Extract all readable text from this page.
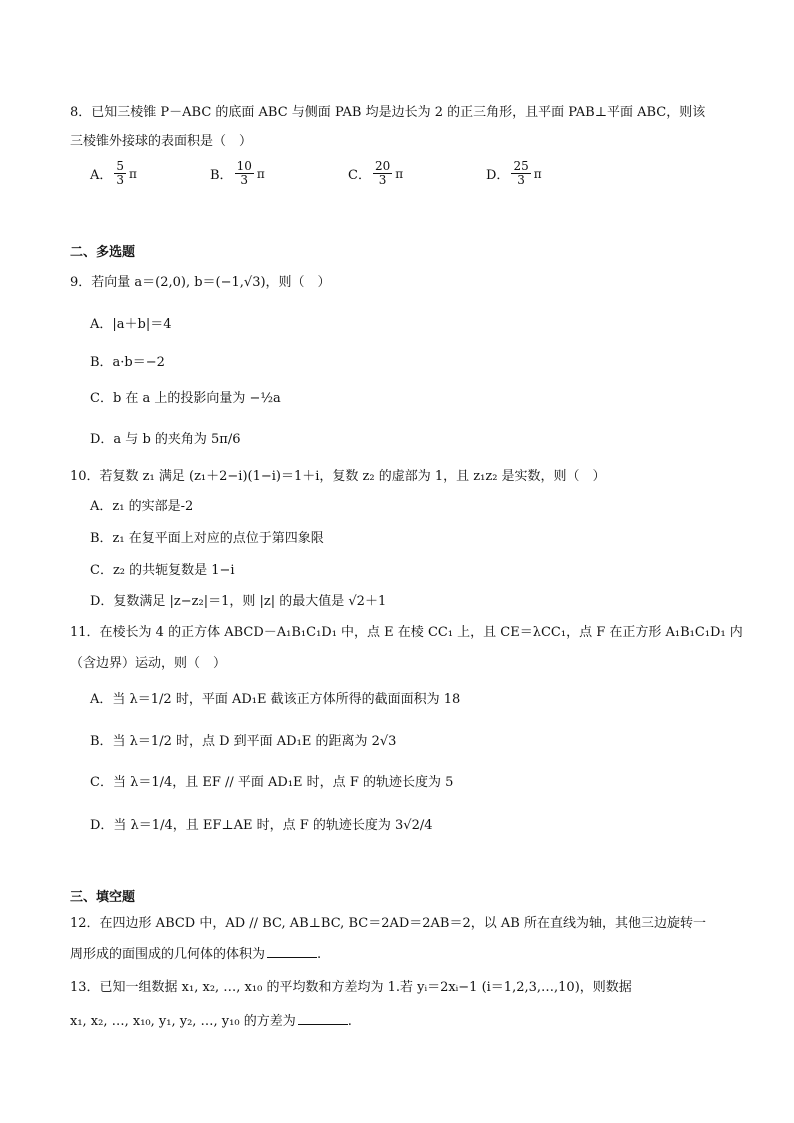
8．已知三棱锥 P－ABC 的底面 ABC 与侧面 PAB 均是边长为 2 的正三角形，且平面 PAB⊥平面 ABC，则该
三棱锥外接球的表面积是（　）
A． $\frac{5}{3}$ π	B． $\frac{10}{3}$ π	C． $\frac{20}{3}$ π	D． $\frac{25}{3}$ π
二、多选题
9．若向量 a＝(2,0), b＝(−1,√3)，则（　）
A．|a＋b|＝4
B．a·b＝−2
C．b 在 a 上的投影向量为 −½a
D．a 与 b 的夹角为 5π/6
10．若复数 z₁ 满足 (z₁＋2−i)(1−i)＝1＋i，复数 z₂ 的虚部为 1，且 z₁z₂ 是实数，则（　）
A．z₁ 的实部是-2
B．z₁ 在复平面上对应的点位于第四象限
C．z₂ 的共轭复数是 1−i
D．复数满足 |z−z₂|＝1，则 |z| 的最大值是 √2＋1
11．在棱长为 4 的正方体 ABCD－A₁B₁C₁D₁ 中，点 E 在棱 CC₁ 上，且 CE＝λCC₁，点 F 在正方形 A₁B₁C₁D₁ 内
（含边界）运动，则（　）
A．当 λ＝1/2 时，平面 AD₁E 截该正方体所得的截面面积为 18
B．当 λ＝1/2 时，点 D 到平面 AD₁E 的距离为 2√3
C．当 λ＝1/4，且 EF // 平面 AD₁E 时，点 F 的轨迹长度为 5
D．当 λ＝1/4，且 EF⊥AE 时，点 F 的轨迹长度为 3√2/4
三、填空题
12．在四边形 ABCD 中，AD // BC, AB⊥BC, BC＝2AD＝2AB＝2，以 AB 所在直线为轴，其他三边旋转一
周形成的面围成的几何体的体积为	.
13．已知一组数据 x₁, x₂, …, x₁₀ 的平均数和方差均为 1.若 yᵢ＝2xᵢ−1 (i＝1,2,3,…,10)，则数据
x₁, x₂, …, x₁₀, y₁, y₂, …, y₁₀ 的方差为	.
